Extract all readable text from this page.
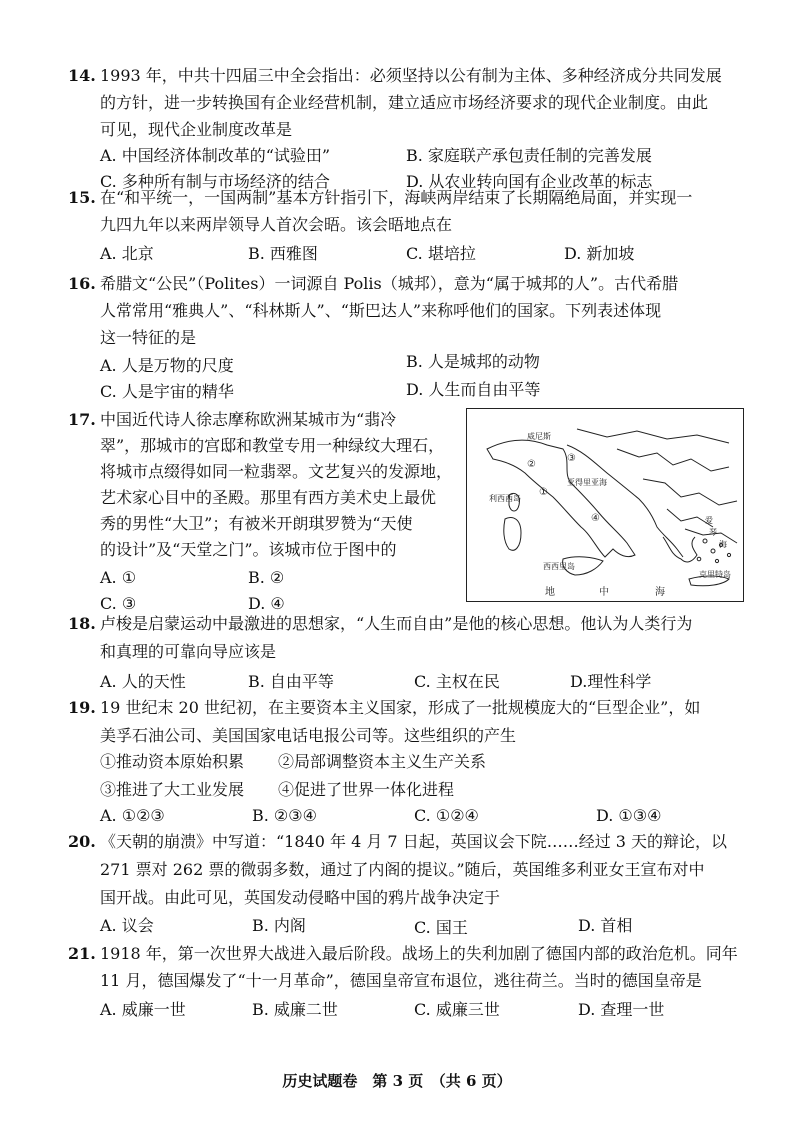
14. 1993 年，中共十四届三中全会指出：必须坚持以公有制为主体、多种经济成分共同发展
的方针，进一步转换国有企业经营机制，建立适应市场经济要求的现代企业制度。由此
可见，现代企业制度改革是
A. 中国经济体制改革的“试验田”	B. 家庭联产承包责任制的完善发展
C. 多种所有制与市场经济的结合	D. 从农业转向国有企业改革的标志
15. 在“和平统一，一国两制”基本方针指引下，海峡两岸结束了长期隔绝局面，并实现一
九四九年以来两岸领导人首次会晤。该会晤地点在
A. 北京	B. 西雅图	C. 堪培拉	D. 新加坡
16. 希腊文“公民”（Polites）一词源自 Polis（城邦），意为“属于城邦的人”。古代希腊
人常常用“雅典人”、“科林斯人”、“斯巴达人”来称呼他们的国家。下列表述体现
这一特征的是
A. 人是万物的尺度	B. 人是城邦的动物
C. 人是宇宙的精华	D. 人生而自由平等
17. 中国近代诗人徐志摩称欧洲某城市为“翡冷
翠”，那城市的宫邸和教堂专用一种绿纹大理石，
将城市点缀得如同一粒翡翠。文艺复兴的发源地，
艺术家心目中的圣殿。那里有西方美术史上最优
秀的男性“大卫”；有被米开朗琪罗赞为“天使
的设计”及“天堂之门”。该城市位于图中的
A. ①	B. ②
C. ③	D. ④
威尼斯
利西西岛
亚得里亚海
西西里岛
克里特岛
爱
琴
海
地	中	海
①
②
③
④
18. 卢梭是启蒙运动中最激进的思想家，“人生而自由”是他的核心思想。他认为人类行为
和真理的可靠向导应该是
A. 人的天性	B. 自由平等	C. 主权在民	D.理性科学
19. 19 世纪末 20 世纪初，在主要资本主义国家，形成了一批规模庞大的“巨型企业”，如
美孚石油公司、美国国家电话电报公司等。这些组织的产生
①推动资本原始积累 ②局部调整资本主义生产关系
③推进了大工业发展 ④促进了世界一体化进程
A. ①②③	B. ②③④	C. ①②④	D. ①③④
20. 《天朝的崩溃》中写道：“1840 年 4 月 7 日起，英国议会下院……经过 3 天的辩论，以
271 票对 262 票的微弱多数，通过了内阁的提议。”随后，英国维多利亚女王宣布对中
国开战。由此可见，英国发动侵略中国的鸦片战争决定于
A. 议会	B. 内阁	C. 国王	D. 首相
21. 1918 年，第一次世界大战进入最后阶段。战场上的失利加剧了德国内部的政治危机。同年
11 月，德国爆发了“十一月革命”，德国皇帝宣布退位，逃往荷兰。当时的德国皇帝是
A. 威廉一世	B. 威廉二世	C. 威廉三世	D. 查理一世
历史试题卷　第 3 页　（共 6 页）
